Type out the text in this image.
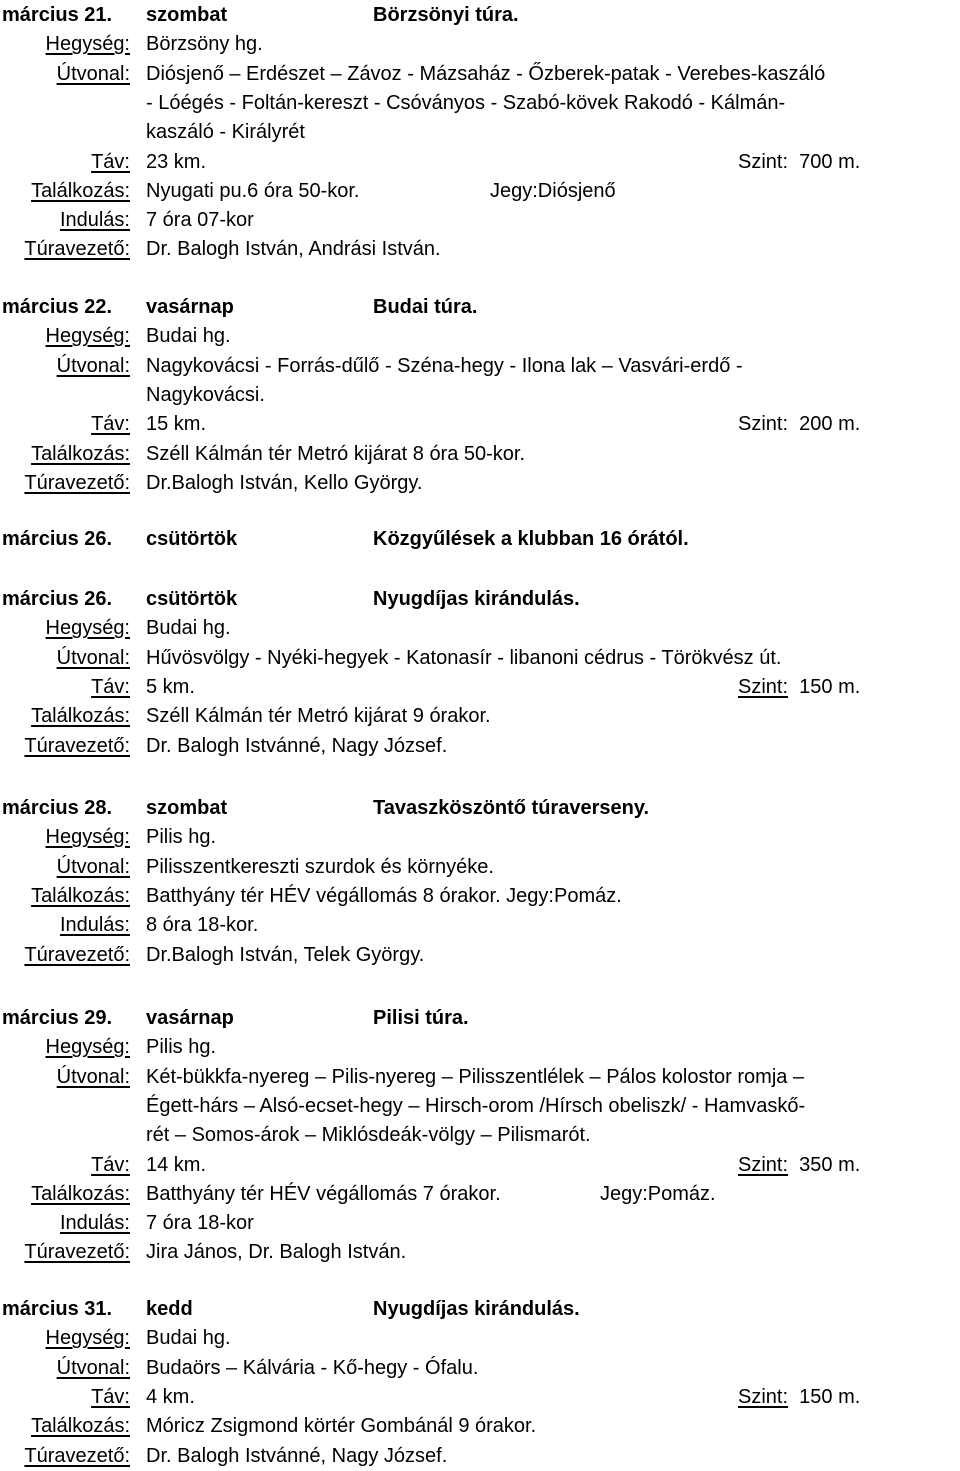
március 21. szombat	Börzsönyi túra.
Hegység: Börzsöny hg.
Útvonal: Diósjenő – Erdészet – Závoz - Mázsaház - Őzberek-patak - Verebes-kaszáló
- Lóégés - Foltán-kereszt - Csóványos - Szabó-kövek Rakodó - Kálmán-
kaszáló - Királyrét
Táv: 23 km.	Szint: 700 m.
Találkozás: Nyugati pu.6 óra 50-kor.	Jegy:Diósjenő
Indulás: 7 óra 07-kor
Túravezető: Dr. Balogh István, Andrási István.
március 22. vasárnap	Budai túra.
Hegység: Budai hg.
Útvonal: Nagykovácsi - Forrás-dűlő - Széna-hegy - Ilona lak – Vasvári-erdő -
Nagykovácsi.
Táv: 15 km.	Szint: 200 m.
Találkozás: Széll Kálmán tér Metró kijárat 8 óra 50-kor.
Túravezető: Dr.Balogh István, Kello György.
március 26. csütörtök	Közgyűlések a klubban 16 órától.
március 26. csütörtök	Nyugdíjas kirándulás.
Hegység: Budai hg.
Útvonal: Hűvösvölgy - Nyéki-hegyek - Katonasír - libanoni cédrus - Törökvész út.
Táv: 5 km.	Szint: 150 m.
Találkozás: Széll Kálmán tér Metró kijárat 9 órakor.
Túravezető: Dr. Balogh Istvánné, Nagy József.
március 28. szombat	Tavaszköszöntő túraverseny.
Hegység: Pilis hg.
Útvonal: Pilisszentkereszti szurdok és környéke.
Találkozás: Batthyány tér HÉV végállomás 8 órakor. Jegy:Pomáz.
Indulás: 8 óra 18-kor.
Túravezető: Dr.Balogh István, Telek György.
március 29. vasárnap	Pilisi túra.
Hegység: Pilis hg.
Útvonal: Két-bükkfa-nyereg – Pilis-nyereg – Pilisszentlélek – Pálos kolostor romja –
Égett-hárs – Alsó-ecset-hegy – Hirsch-orom /Hírsch obeliszk/ - Hamvaskő-
rét – Somos-árok – Miklósdeák-völgy – Pilismarót.
Táv: 14 km.	Szint: 350 m.
Találkozás: Batthyány tér HÉV végállomás 7 órakor.	Jegy:Pomáz.
Indulás: 7 óra 18-kor
Túravezető: Jira János, Dr. Balogh István.
március 31. kedd	Nyugdíjas kirándulás.
Hegység: Budai hg.
Útvonal: Budaörs – Kálvária - Kő-hegy - Ófalu.
Táv: 4 km.	Szint: 150 m.
Találkozás: Móricz Zsigmond körtér Gombánál 9 órakor.
Túravezető: Dr. Balogh Istvánné, Nagy József.
